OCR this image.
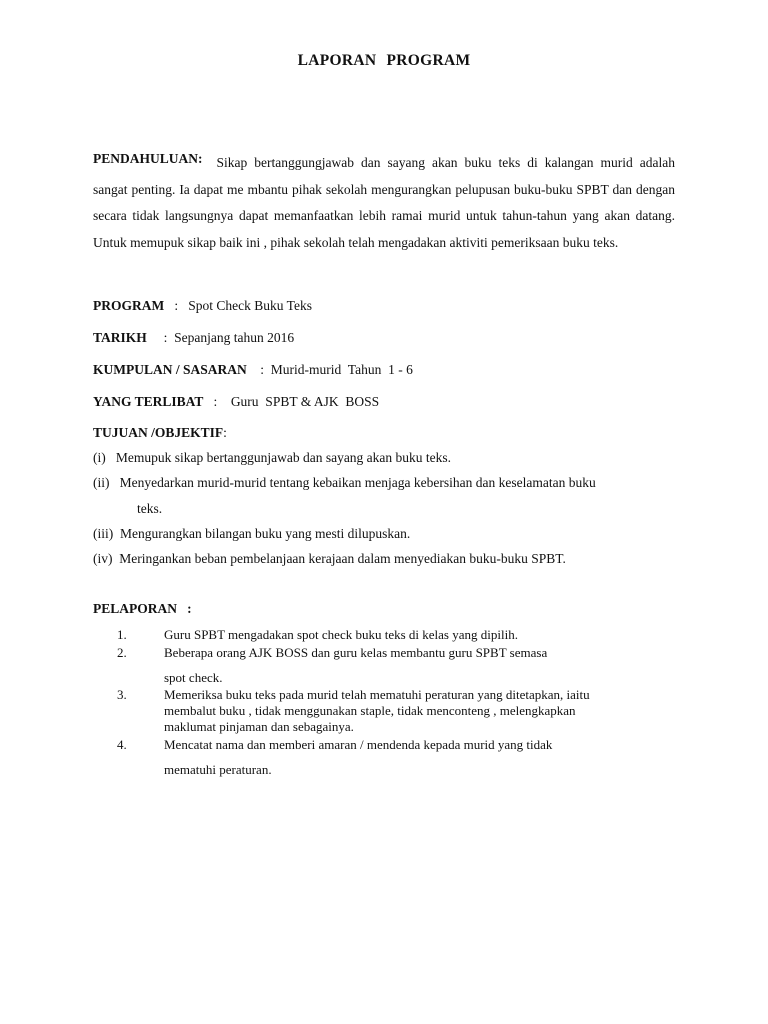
LAPORAN PROGRAM
PENDAHULUAN: Sikap bertanggungjawab dan sayang akan buku teks di kalangan murid adalah sangat penting. Ia dapat me mbantu pihak sekolah mengurangkan pelupusan buku-buku SPBT dan dengan secara tidak langsungnya dapat memanfaatkan lebih ramai murid untuk tahun-tahun yang akan datang. Untuk memupuk sikap baik ini , pihak sekolah telah mengadakan aktiviti pemeriksaan buku teks.
PROGRAM   :   Spot Check Buku Teks
TARIKH     :  Sepanjang tahun 2016
KUMPULAN / SASARAN    :  Murid-murid  Tahun  1 - 6
YANG TERLIBAT   :    Guru  SPBT & AJK  BOSS
TUJUAN /OBJEKTIF:
(i) Memupuk sikap bertanggunjawab dan sayang akan buku teks.
(ii) Menyedarkan murid-murid tentang kebaikan menjaga kebersihan dan keselamatan buku
teks.
(iii) Mengurangkan bilangan buku yang mesti dilupuskan.
(iv) Meringankan beban pembelanjaan kerajaan dalam menyediakan buku-buku SPBT.
PELAPORAN   :
1.	Guru SPBT mengadakan spot check buku teks di kelas yang dipilih.
2.	Beberapa orang AJK BOSS dan guru kelas membantu guru SPBT semasa
spot check.
3.	Memeriksa buku teks pada murid telah mematuhi peraturan yang ditetapkan, iaitu
membalut buku , tidak menggunakan staple, tidak menconteng , melengkapkan
maklumat pinjaman dan sebagainya.
4.	Mencatat nama dan memberi amaran / mendenda kepada murid yang tidak
mematuhi peraturan.
